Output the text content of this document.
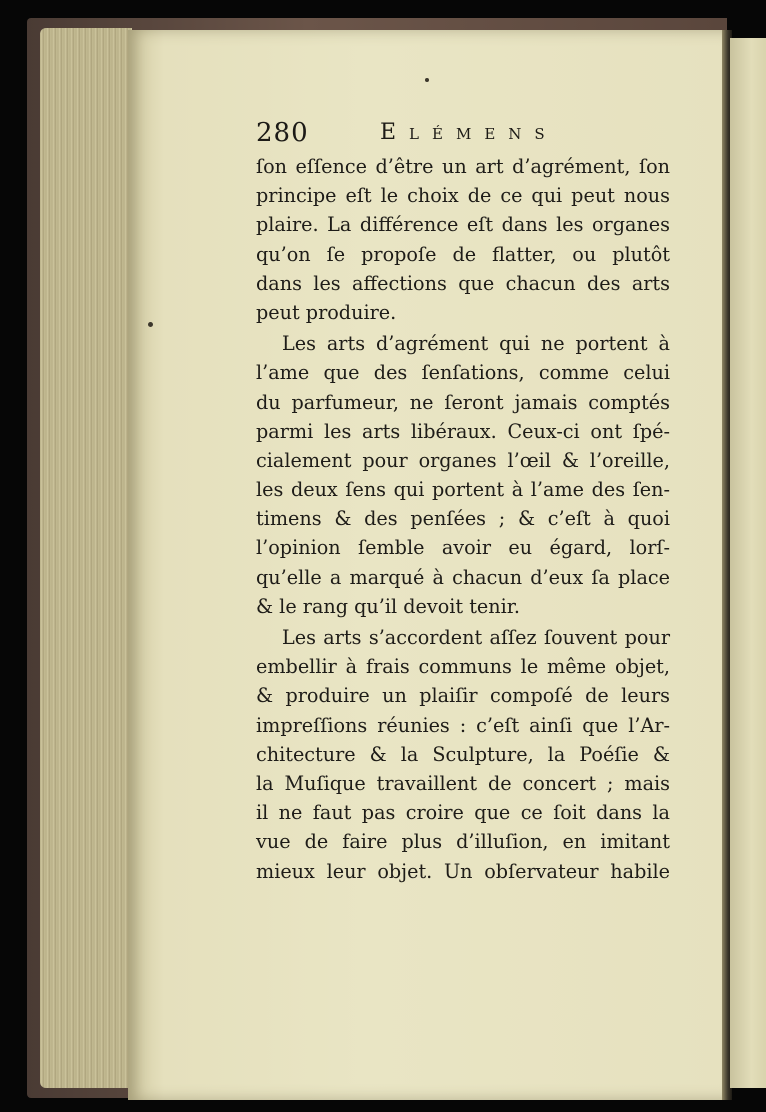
280	Elémens
ſon eſſence d’être un art d’agrément, ſon
principe eſt le choix de ce qui peut nous
plaire. La différence eſt dans les organes
qu’on ſe propoſe de flatter, ou plutôt
dans les affections que chacun des arts
peut produire.
Les arts d’agrément qui ne portent à
l’ame que des ſenſations, comme celui
du parfumeur, ne ſeront jamais comptés
parmi les arts libéraux. Ceux-ci ont ſpé-
cialement pour organes l’œil & l’oreille,
les deux ſens qui portent à l’ame des ſen-
timens & des penſées ; & c’eſt à quoi
l’opinion ſemble avoir eu égard, lorſ-
qu’elle a marqué à chacun d’eux ſa place
& le rang qu’il devoit tenir.
Les arts s’accordent aſſez ſouvent pour
embellir à frais communs le même objet,
& produire un plaiſir compoſé de leurs
impreſſions réunies : c’eſt ainſi que l’Ar-
chitecture & la Sculpture, la Poéſie &
la Muſique travaillent de concert ; mais
il ne faut pas croire que ce ſoit dans la
vue de faire plus d’illuſion, en imitant
mieux leur objet. Un obſervateur habile
